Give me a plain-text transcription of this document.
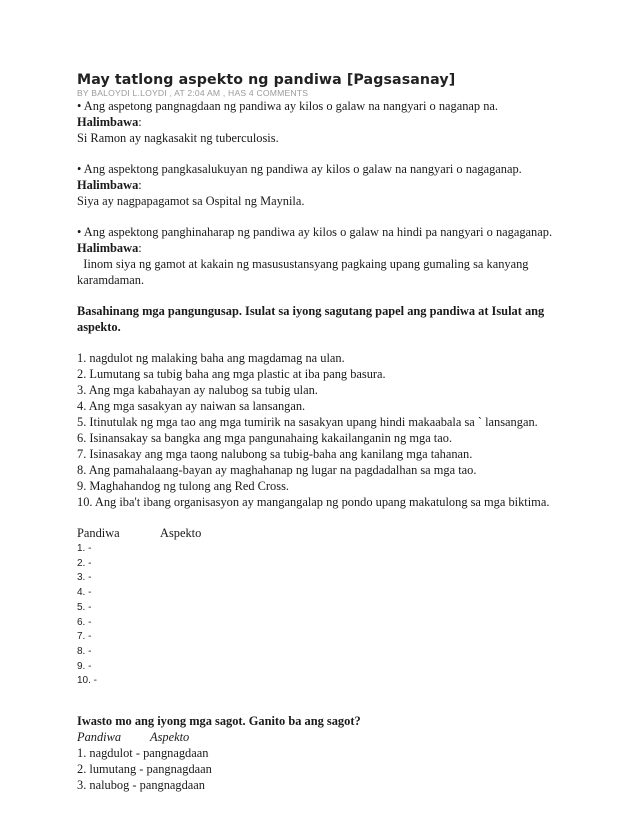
May tatlong aspekto ng pandiwa [Pagsasanay]
BY BALOYDI L.LOYDI , AT 2:04 AM , HAS 4 COMMENTS
• Ang aspetong pangnagdaan ng pandiwa ay kilos o galaw na nangyari o naganap na.
Halimbawa:
Si Ramon ay nagkasakit ng tuberculosis.
• Ang aspektong pangkasalukuyan ng pandiwa ay kilos o galaw na nangyari o nagaganap.
Halimbawa:
Siya ay nagpapagamot sa Ospital ng Maynila.
• Ang aspektong panghinaharap ng pandiwa ay kilos o galaw na hindi pa nangyari o nagaganap.
Halimbawa:
Iinom siya ng gamot at kakain ng masusustansyang pagkaing upang gumaling sa kanyang
karamdaman.
Basahinang mga pangungusap. Isulat sa iyong sagutang papel ang pandiwa at Isulat ang
aspekto.
1. nagdulot ng malaking baha ang magdamag na ulan.
2. Lumutang sa tubig baha ang mga plastic at iba pang basura.
3. Ang mga kabahayan ay nalubog sa tubig ulan.
4. Ang mga sasakyan ay naiwan sa lansangan.
5. Itinutulak ng mga tao ang mga tumirik na sasakyan upang hindi makaabala sa ` lansangan.
6. Isinansakay sa bangka ang mga pangunahaing kakailanganin ng mga tao.
7. Isinasakay ang mga taong nalubong sa tubig-baha ang kanilang mga tahanan.
8. Ang pamahalaang-bayan ay maghahanap ng lugar na pagdadalhan sa mga tao.
9. Maghahandog ng tulong ang Red Cross.
10. Ang iba't ibang organisasyon ay mangangalap ng pondo upang makatulong sa mga biktima.
Pandiwa	Aspekto
1. -
2. -
3. -
4. -
5. -
6. -
7. -
8. -
9. -
10. -
Iwasto mo ang iyong mga sagot. Ganito ba ang sagot?
Pandiwa Aspekto
1. nagdulot - pangnagdaan
2. lumutang - pangnagdaan
3. nalubog - pangnagdaan
